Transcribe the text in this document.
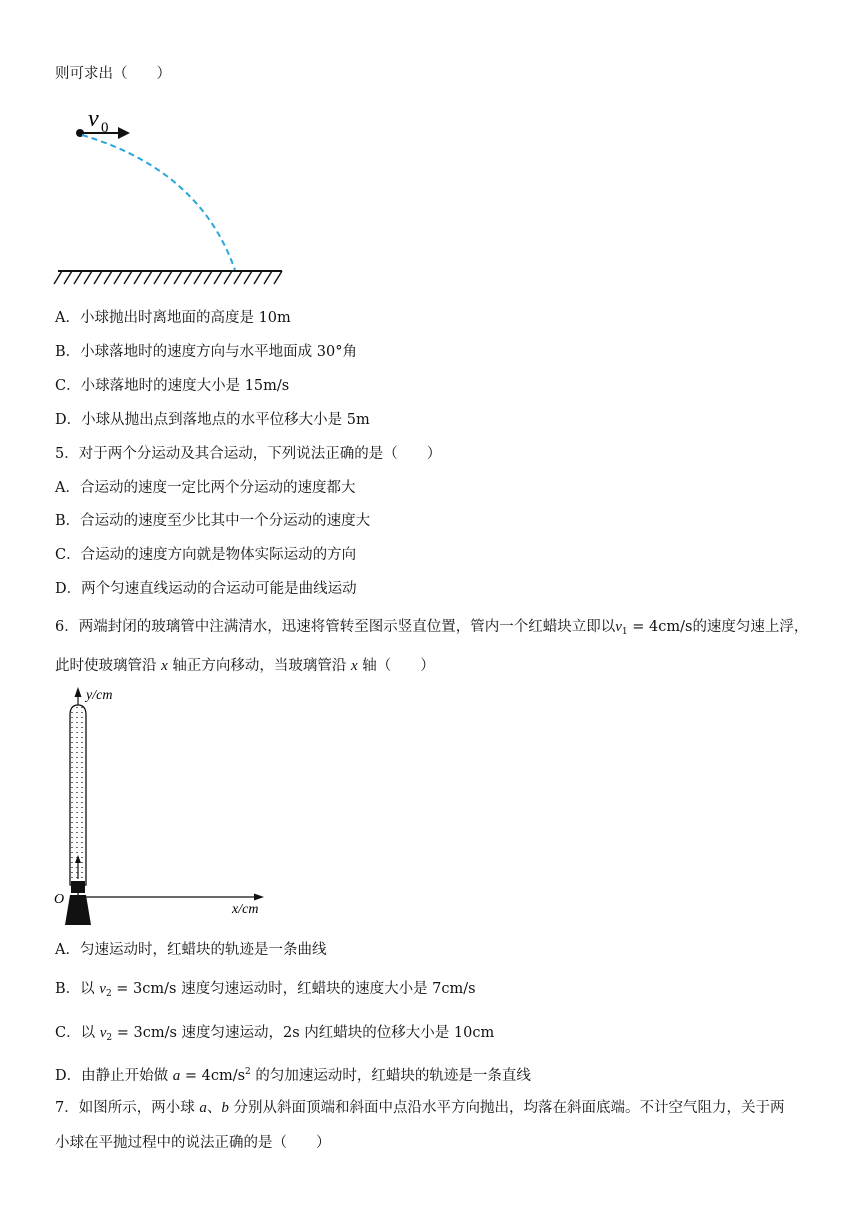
则可求出（　　）
v 0
A．小球抛出时离地面的高度是 10m
B．小球落地时的速度方向与水平地面成 30°角
C．小球落地时的速度大小是 15m/s
D．小球从抛出点到落地点的水平位移大小是 5m
5．对于两个分运动及其合运动，下列说法正确的是（　　）
A．合运动的速度一定比两个分运动的速度都大
B．合运动的速度至少比其中一个分运动的速度大
C．合运动的速度方向就是物体实际运动的方向
D．两个匀速直线运动的合运动可能是曲线运动
6．两端封闭的玻璃管中注满清水，迅速将管转至图示竖直位置，管内一个红蜡块立即以$v_1 = 4cm/s$的速度匀速上浮，
此时使玻璃管沿 x 轴正方向移动，当玻璃管沿 x 轴（　　）
y/cm
x/cm
O
A．匀速运动时，红蜡块的轨迹是一条曲线
B．以 $v_2 = 3cm/s$ 速度匀速运动时，红蜡块的速度大小是 7cm/s
C．以 $v_2 = 3cm/s$ 速度匀速运动，2s 内红蜡块的位移大小是 10cm
D．由静止开始做 $a = 4cm/s^2$ 的匀加速运动时，红蜡块的轨迹是一条直线
7．如图所示，两小球 a、b 分别从斜面顶端和斜面中点沿水平方向抛出，均落在斜面底端。不计空气阻力，关于两
小球在平抛过程中的说法正确的是（　　）
